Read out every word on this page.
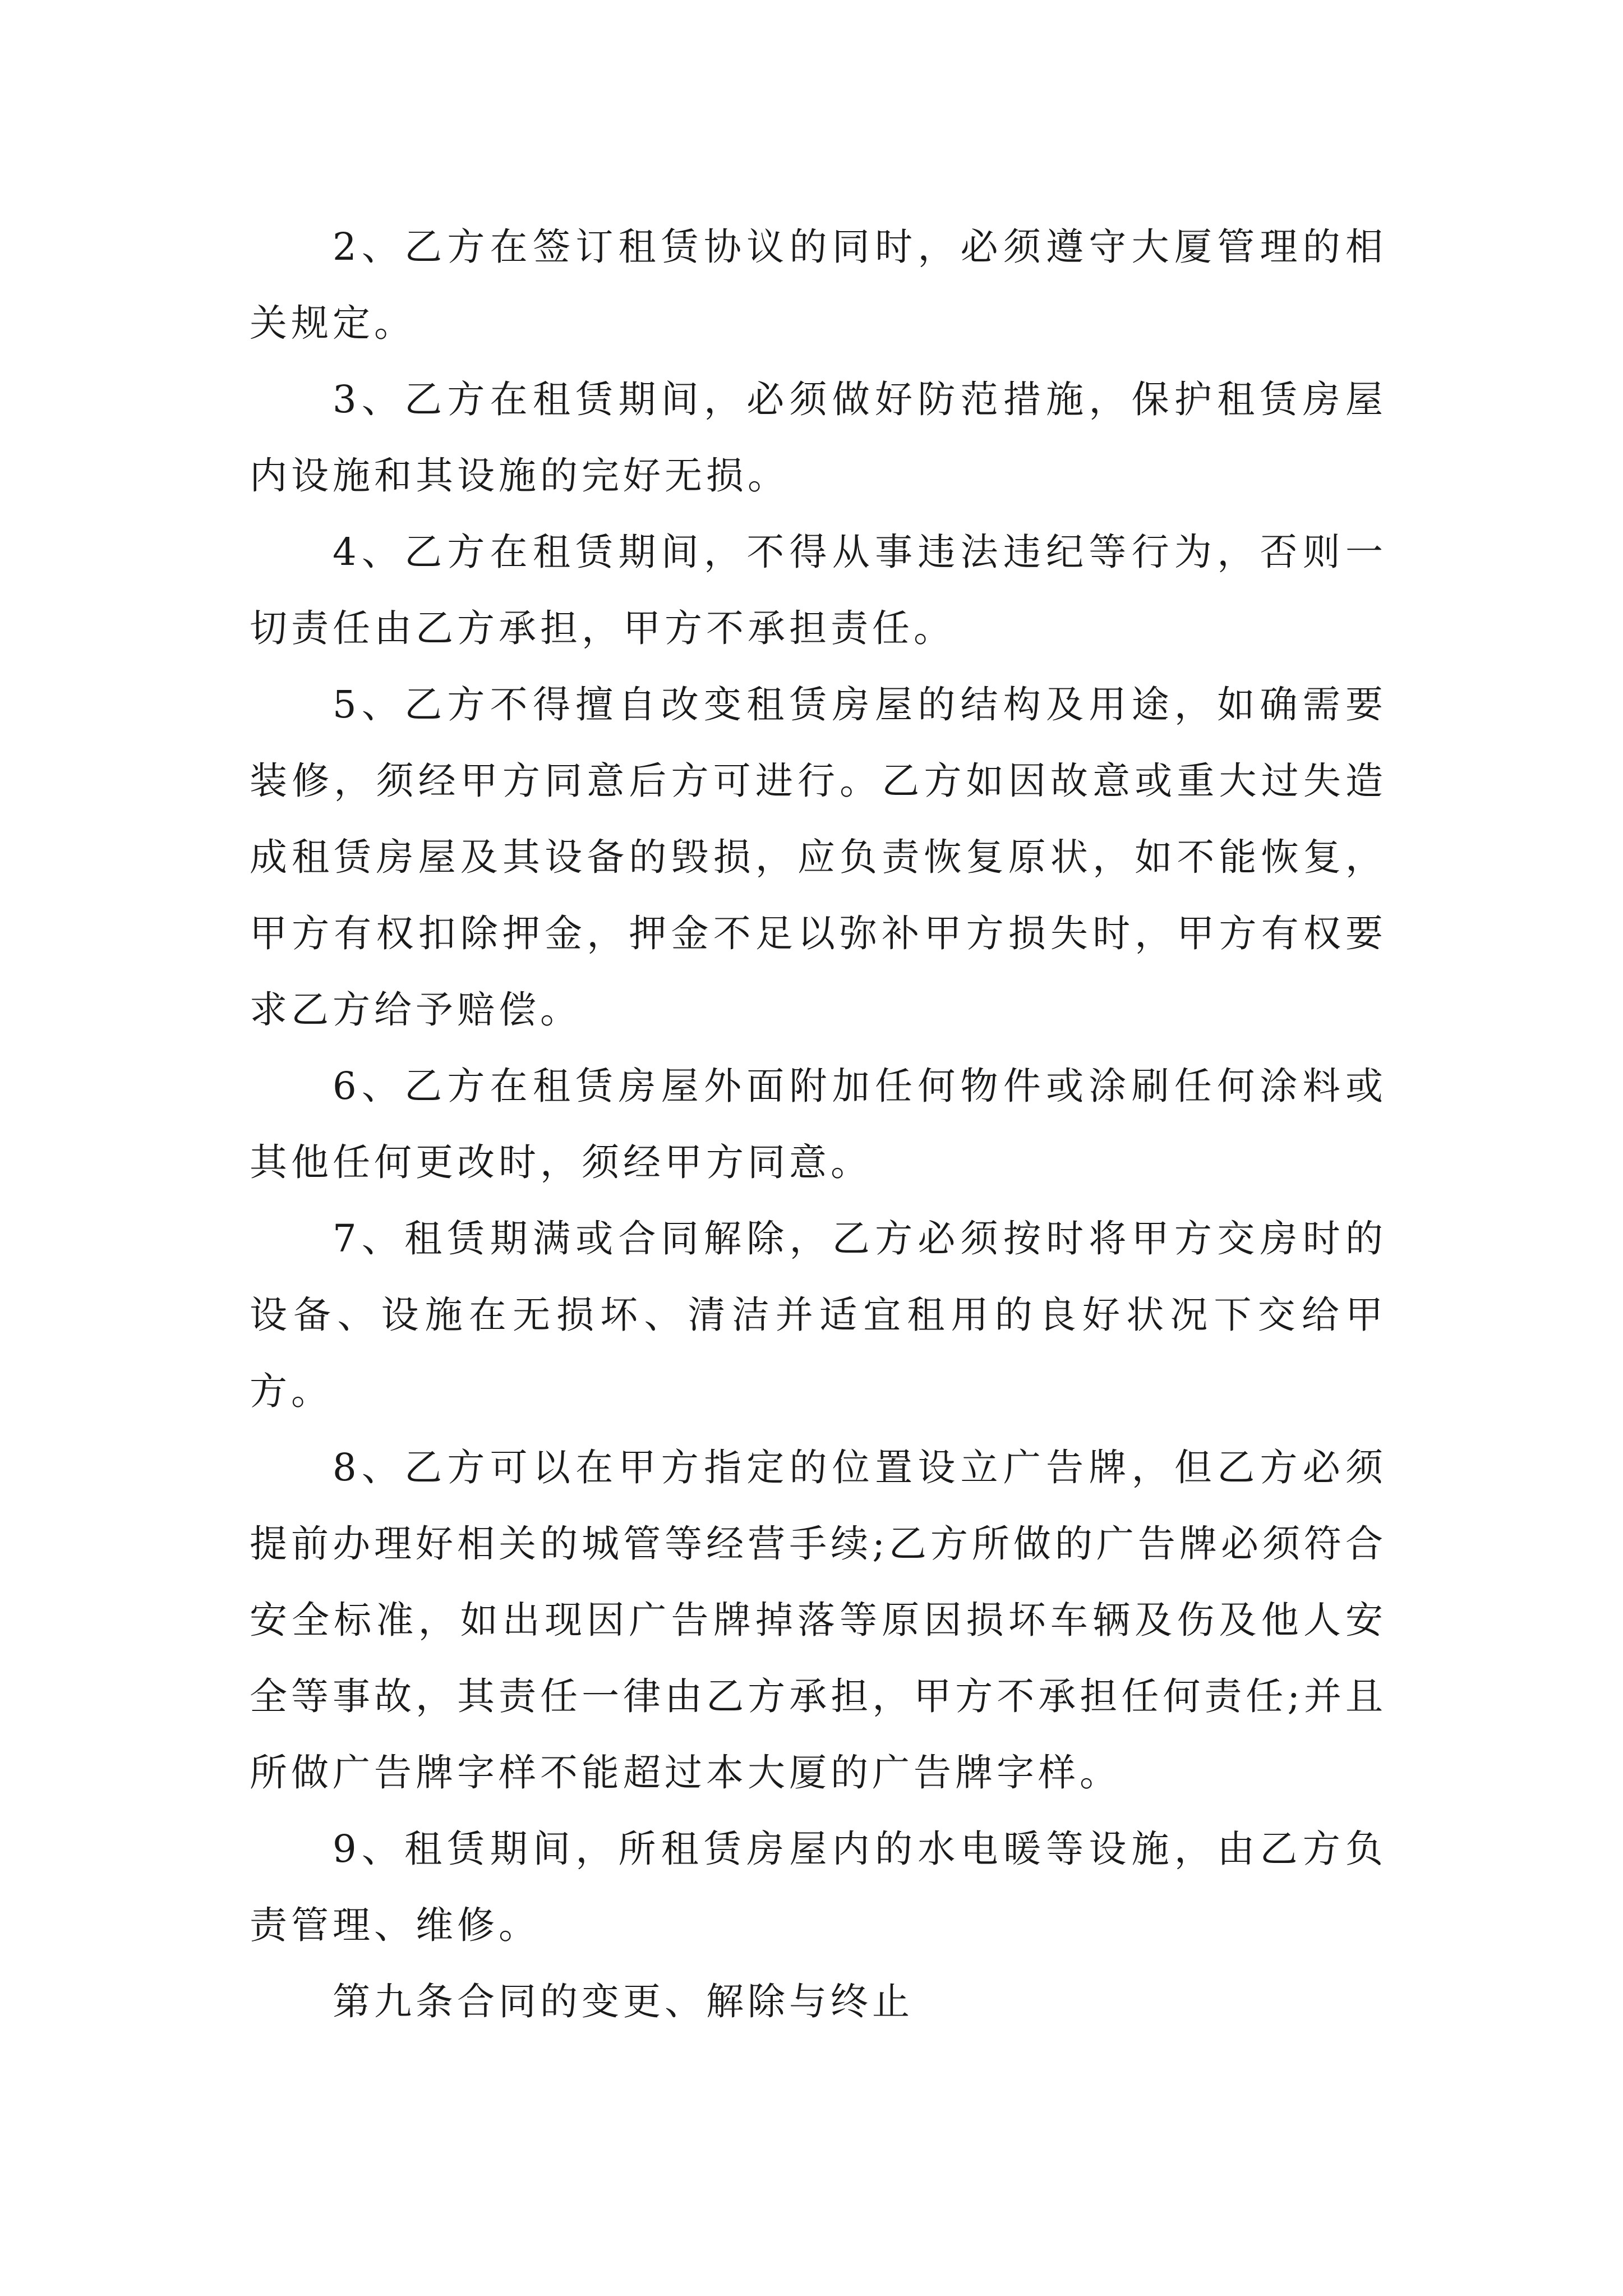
2、乙方在签订租赁协议的同时，必须遵守大厦管理的相关规定。

3、乙方在租赁期间，必须做好防范措施，保护租赁房屋内设施和其设施的完好无损。

4、乙方在租赁期间，不得从事违法违纪等行为，否则一切责任由乙方承担，甲方不承担责任。

5、乙方不得擅自改变租赁房屋的结构及用途，如确需要装修，须经甲方同意后方可进行。乙方如因故意或重大过失造成租赁房屋及其设备的毁损，应负责恢复原状，如不能恢复，甲方有权扣除押金，押金不足以弥补甲方损失时，甲方有权要求乙方给予赔偿。

6、乙方在租赁房屋外面附加任何物件或涂刷任何涂料或其他任何更改时，须经甲方同意。

7、租赁期满或合同解除，乙方必须按时将甲方交房时的设备、设施在无损坏、清洁并适宜租用的良好状况下交给甲方。

8、乙方可以在甲方指定的位置设立广告牌，但乙方必须提前办理好相关的城管等经营手续;乙方所做的广告牌必须符合安全标准，如出现因广告牌掉落等原因损坏车辆及伤及他人安全等事故，其责任一律由乙方承担，甲方不承担任何责任;并且所做广告牌字样不能超过本大厦的广告牌字样。

9、租赁期间，所租赁房屋内的水电暖等设施，由乙方负责管理、维修。

第九条合同的变更、解除与终止
